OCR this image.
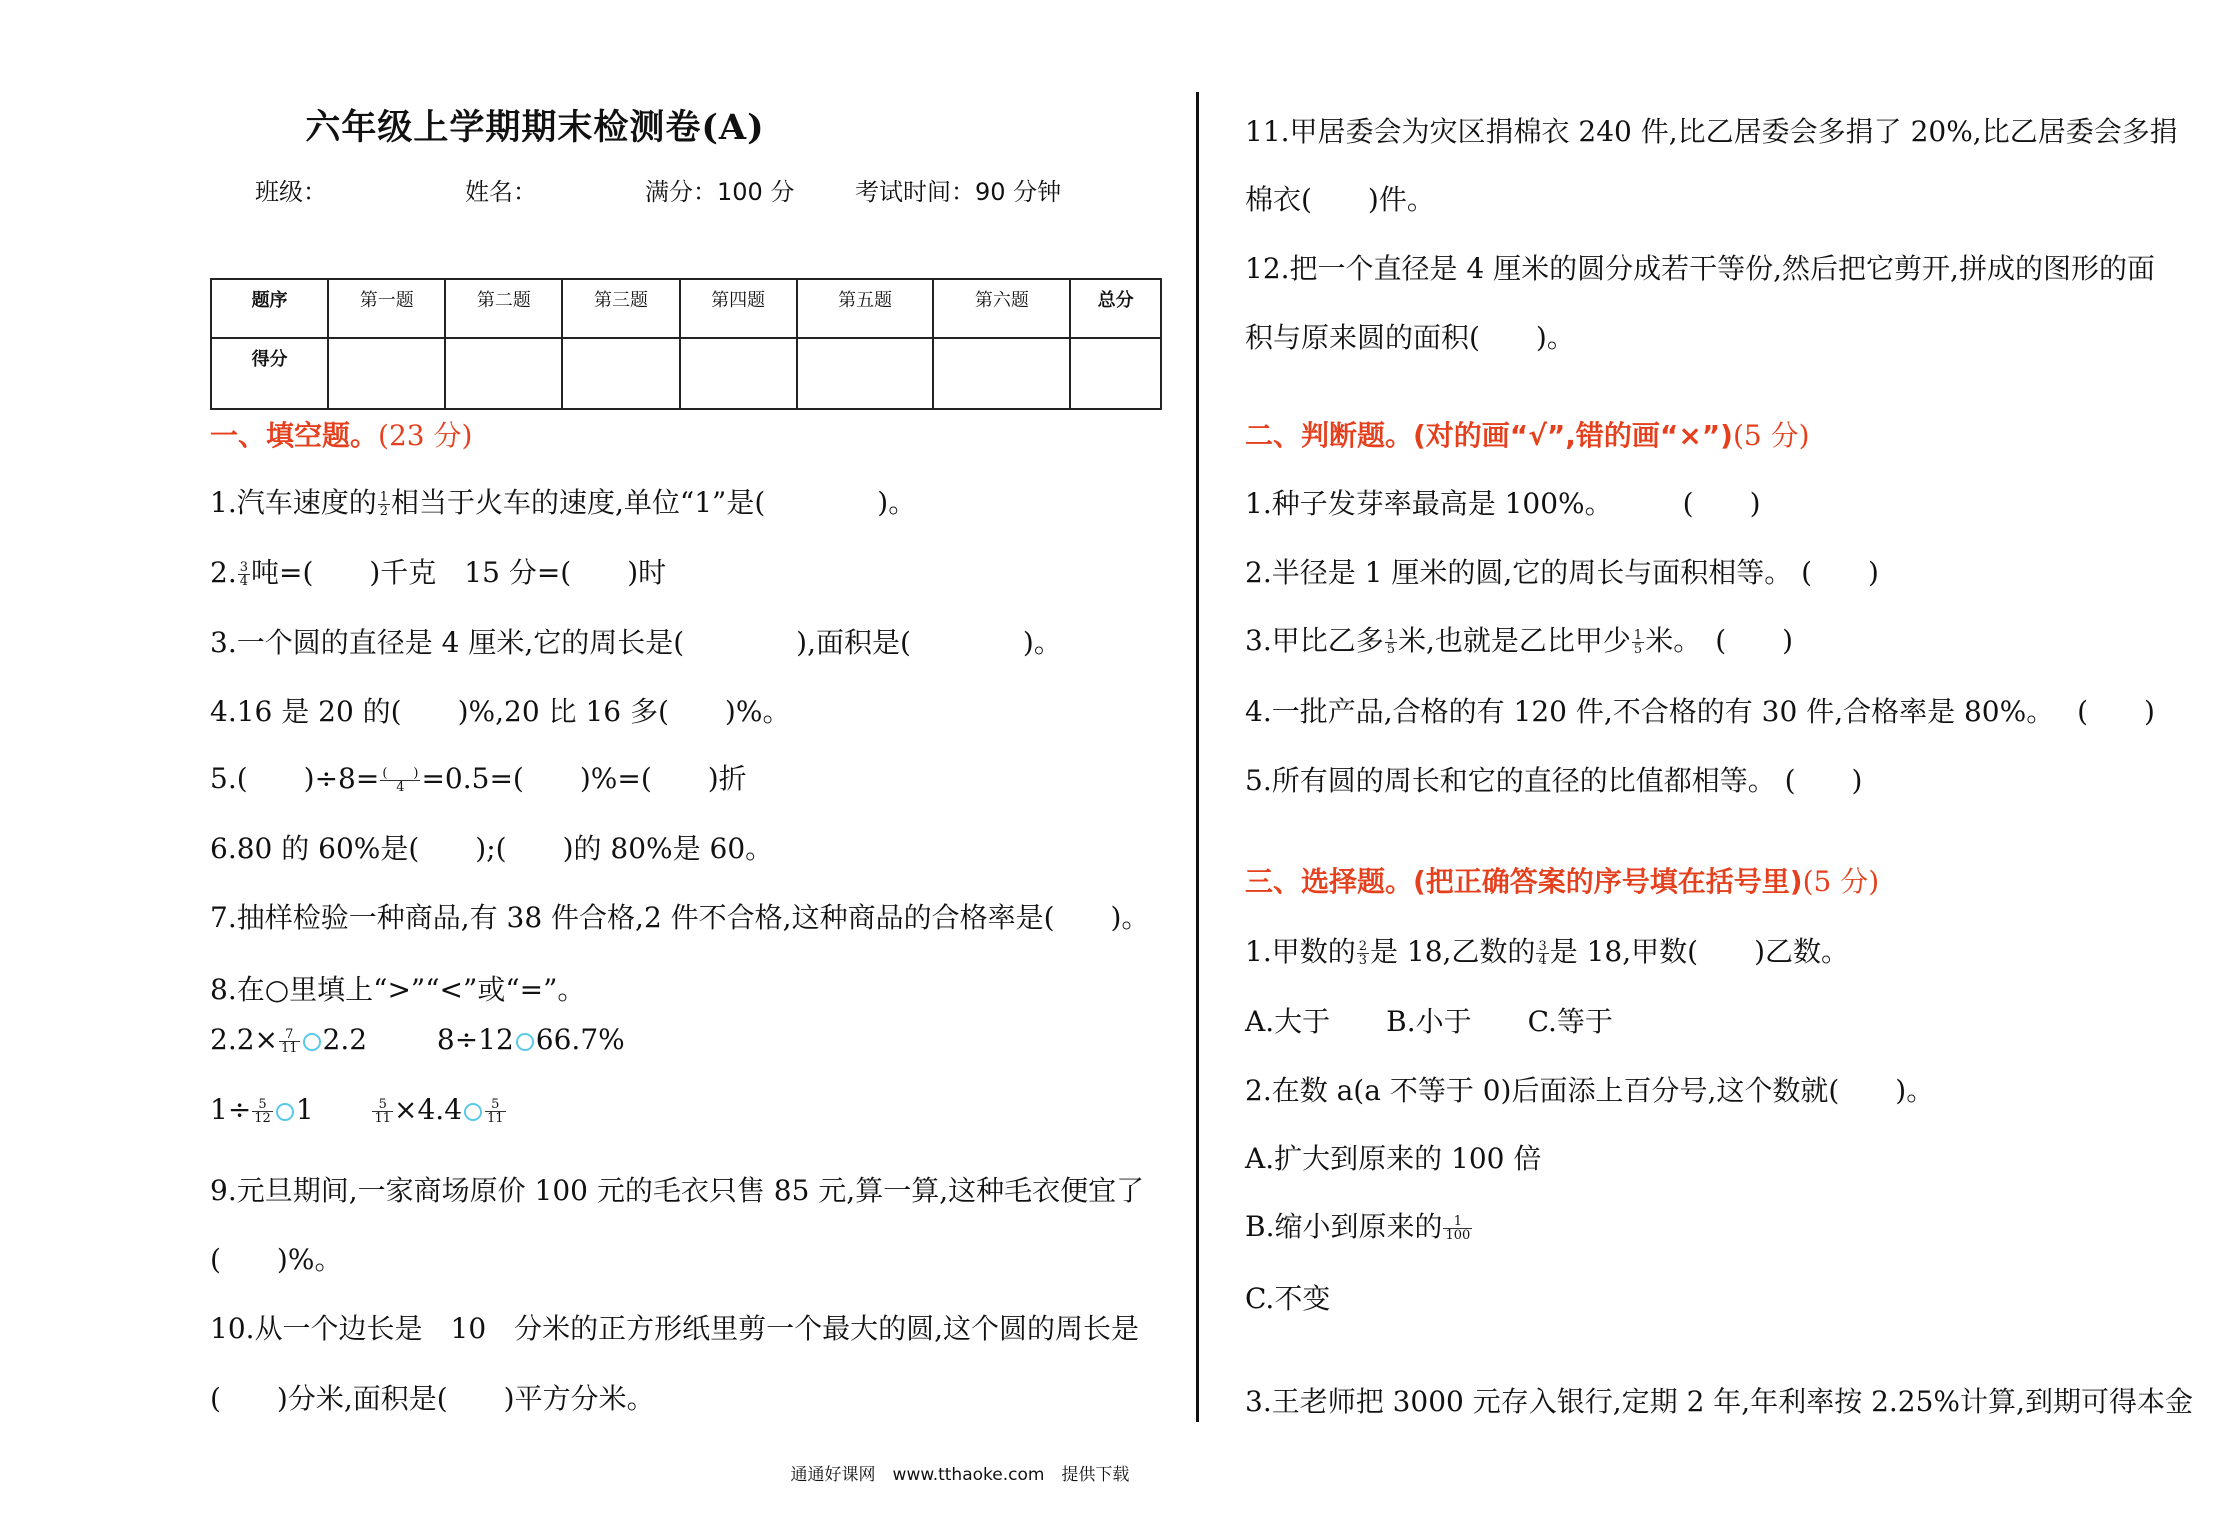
六年级上学期期末检测卷(A)
班级：	姓名：	满分：100 分	考试时间：90 分钟
题序	第一题	第二题	第三题	第四题	第五题	第六题	总分
得分							
一、填空题。(23 分)
1.汽车速度的 $\frac{1}{2}$ 相当于火车的速度,单位“1”是(　　　　)。
2. $\frac{3}{4}$ 吨=(　　)千克　15 分=(　　)时
3.一个圆的直径是 4 厘米,它的周长是(　　　　),面积是(　　　　)。
4.16 是 20 的(　　)%,20 比 16 多(　　)%。
5.(　　)$\div 8= \frac{( )}{4} =0.5=$(　　)%=(　　)折
6.80 的 60%是(　　);(　　)的 80%是 60。
7.抽样检验一种商品,有 38 件合格,2 件不合格,这种商品的合格率是(　　)。
8.在○里填上“>”“<”或“=”。
$2.2\times \frac{7}{11} 2.2$ 8÷12 66.7%
$1\div \frac{5}{12} 1$	$\frac{5}{11} \times 4.4 \frac{5}{11}$
9.元旦期间,一家商场原价 100 元的毛衣只售 85 元,算一算,这种毛衣便宜了
(　　)%。
10.从一个边长是　10　分米的正方形纸里剪一个最大的圆,这个圆的周长是
(　　)分米,面积是(　　)平方分米。
11.甲居委会为灾区捐棉衣 240 件,比乙居委会多捐了 20%,比乙居委会多捐
棉衣(　　)件。
12.把一个直径是 4 厘米的圆分成若干等份,然后把它剪开,拼成的图形的面
积与原来圆的面积(　　)。
二、判断题。(对的画“√”,错的画“×”)(5 分)
1.种子发芽率最高是 100%。　　　(　　)
2.半径是 1 厘米的圆,它的周长与面积相等。 (　　)
3.甲比乙多 $\frac{1}{5}$ 米,也就是乙比甲少 $\frac{1}{5}$ 米。　(　　)
4.一批产品,合格的有 120 件,不合格的有 30 件,合格率是 80%。　 (　　)
5.所有圆的周长和它的直径的比值都相等。 (　　)
三、选择题。(把正确答案的序号填在括号里)(5 分)
1.甲数的 $\frac{2}{3}$ 是 18,乙数的 $\frac{3}{4}$ 是 18,甲数(　　)乙数。
A.大于　　B.小于　　C.等于
2.在数 a(a 不等于 0)后面添上百分号,这个数就(　　)。
A.扩大到原来的 100 倍
B.缩小到原来的 $\frac{1}{100}$
C.不变
3.王老师把 3000 元存入银行,定期 2 年,年利率按 2.25%计算,到期可得本金
通通好课网　www.tthaoke.com　提供下载
